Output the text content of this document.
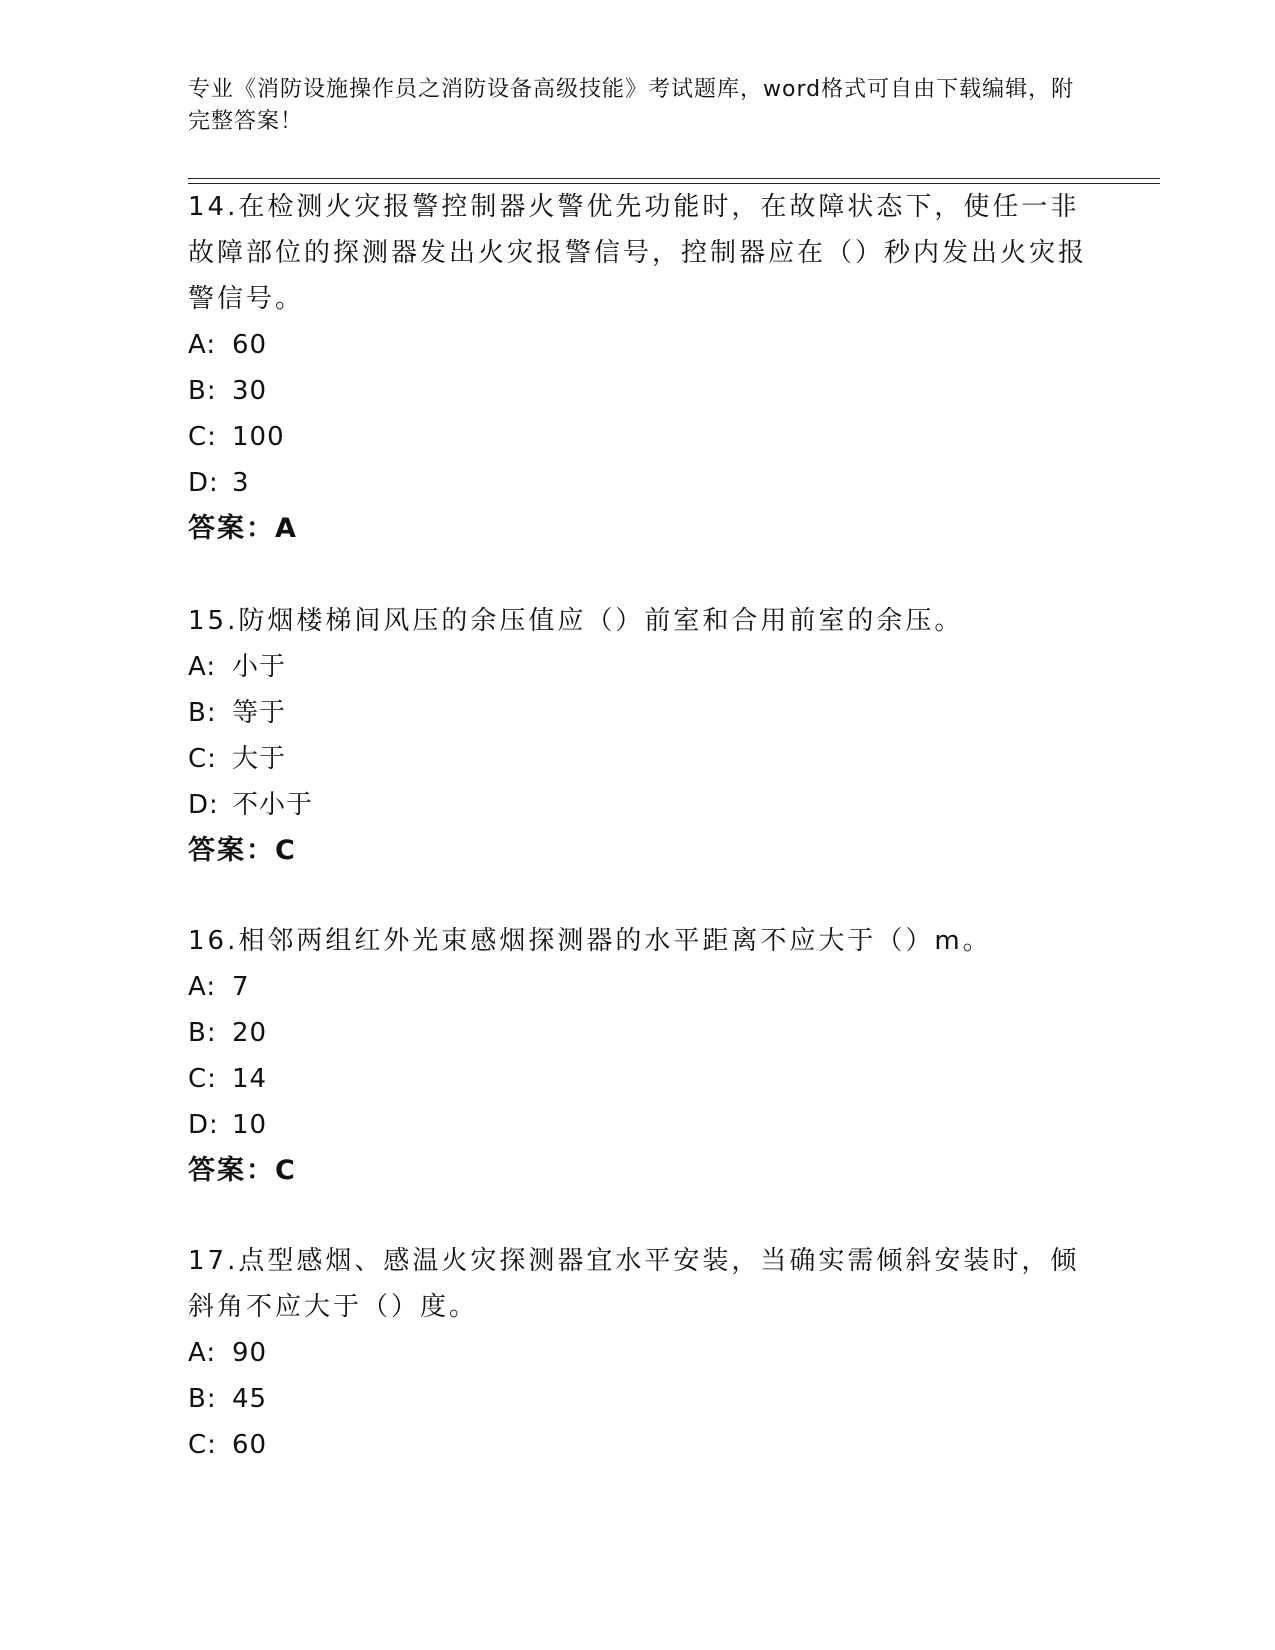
专业《消防设施操作员之消防设备高级技能》考试题库，word格式可自由下载编辑，附完整答案！

14.在检测火灾报警控制器火警优先功能时，在故障状态下，使任一非故障部位的探测器发出火灾报警信号，控制器应在（）秒内发出火灾报警信号。

A: 60
B: 30
C: 100
D: 3
答案：A

15.防烟楼梯间风压的余压值应（）前室和合用前室的余压。

A: 小于
B: 等于
C: 大于
D: 不小于
答案：C

16.相邻两组红外光束感烟探测器的水平距离不应大于（）m。

A: 7
B: 20
C: 14
D: 10
答案：C

17.点型感烟、感温火灾探测器宜水平安装，当确实需倾斜安装时，倾斜角不应大于（）度。

A: 90
B: 45
C: 60
